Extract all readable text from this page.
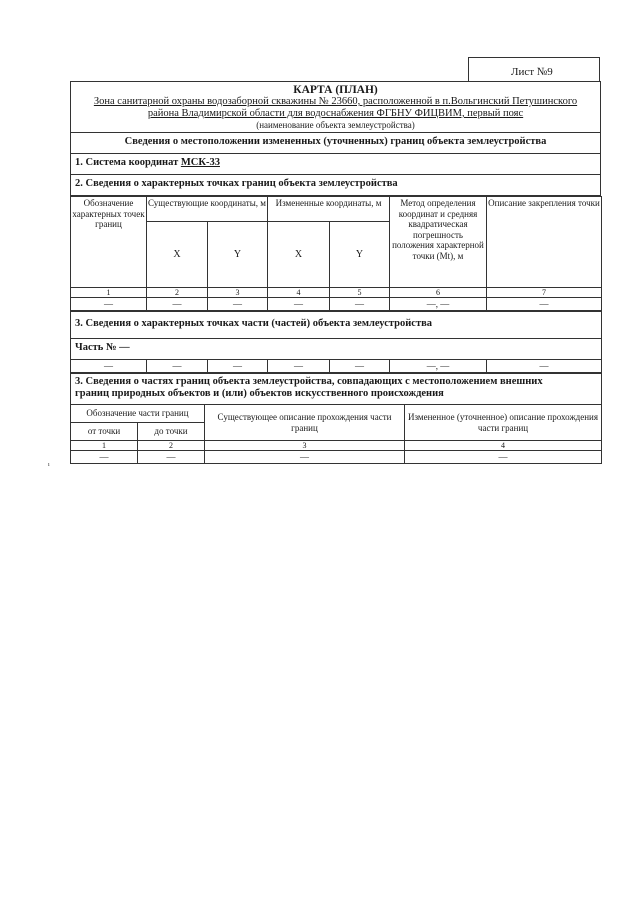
Лист №9
КАРТА (ПЛАН)
Зона санитарной охраны водозаборной скважины № 23660, расположенной в п.Вольгинский Петушинского
района Владимирской области для водоснабжения ФГБНУ ФИЦВИМ, первый пояс
(наименование объекта землеустройства)

Сведения о местоположении измененных (уточненных) границ объекта землеустройства
1. Система координат МСК-33
2. Сведения о характерных точках границ объекта землеустройства
Обозначение характерных точек границ	Существующие координаты, м		Измененные координаты, м		Метод определения координат и средняя квадратическая погрешность положения характерной точки (Mt), м	Описание закрепления точки
	X	Y	X	Y		
1	2	3	4	5	6	7
—	—	—	—	—	—, —	—
3. Сведения о характерных точках части (частей) объекта землеустройства
Часть № —
—	—	—	—	—	—, —	—
3. Сведения о частях границ объекта землеустройства, совпадающих с местоположением внешних
границ природных объектов и (или) объектов искусственного происхождения			
Обозначение части границ		Существующее описание прохождения части границ	Измененное (уточненное) описание прохождения части границ
от точки	до точки		
1	2	3	4
—	—	—	—
ı
